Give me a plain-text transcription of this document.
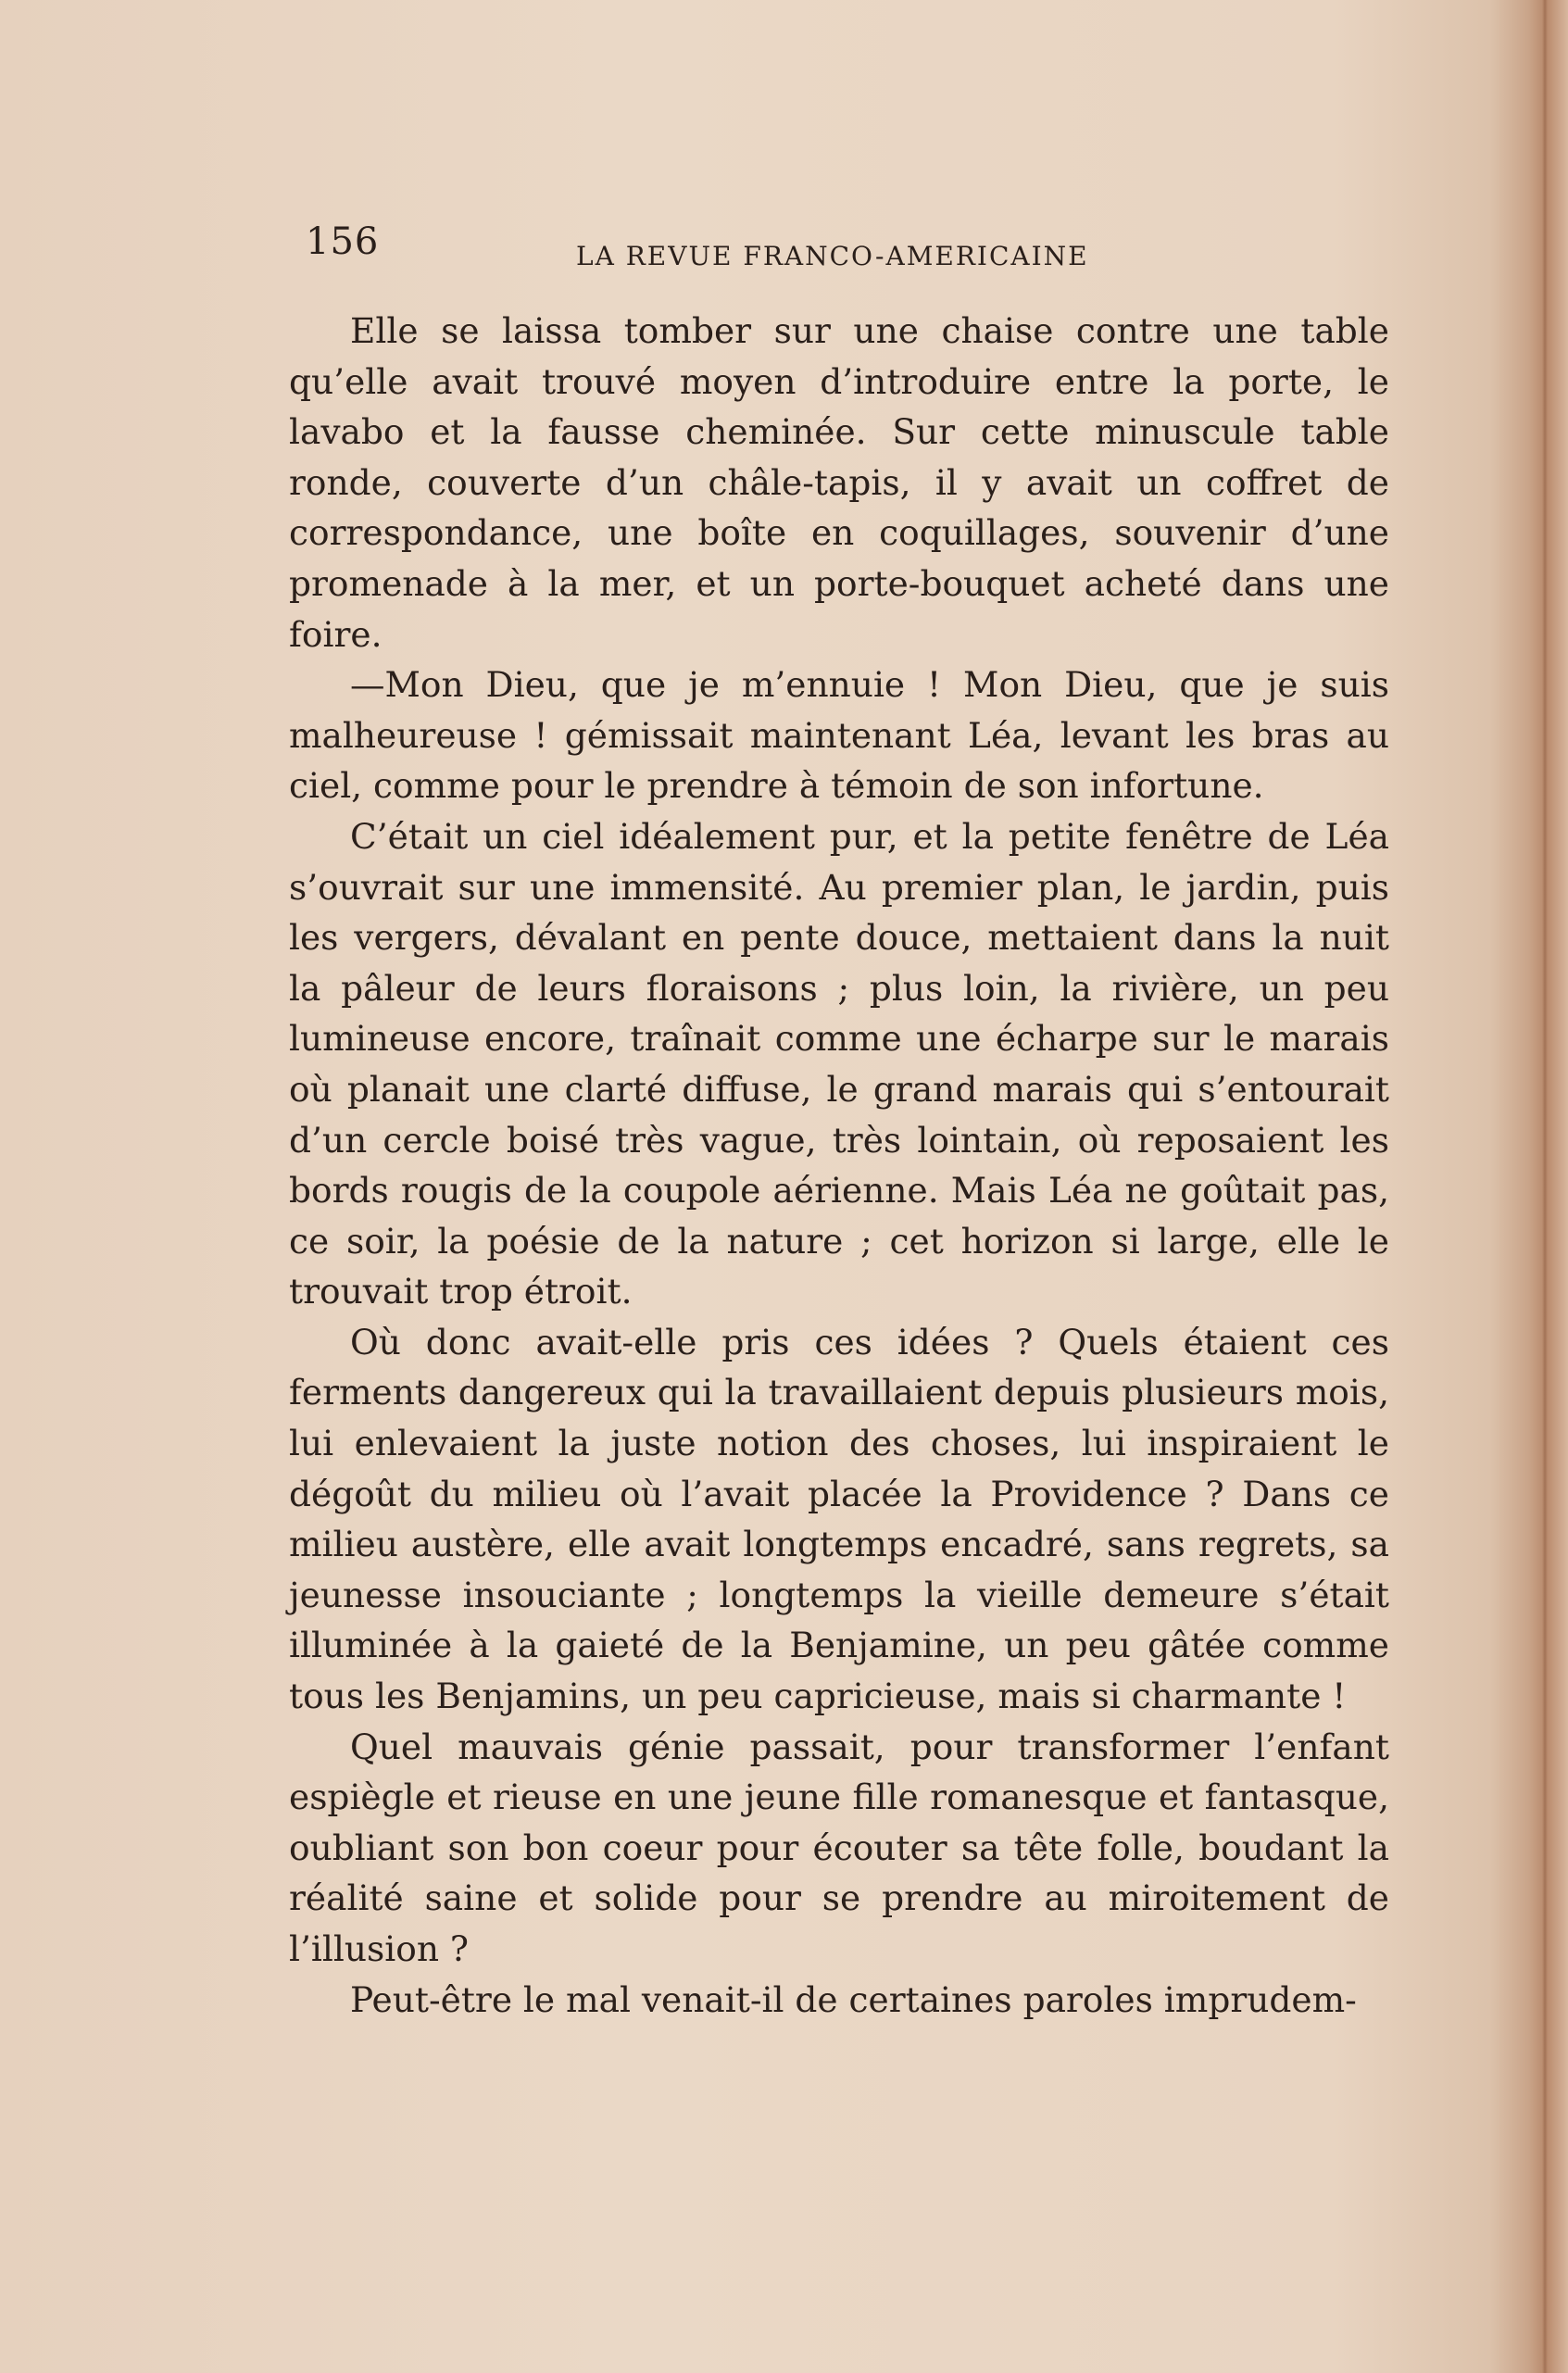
156	LA REVUE FRANCO-AMERICAINE

Elle se laissa tomber sur une chaise contre une table qu’elle avait trouvé moyen d’introduire entre la porte, le lavabo et la fausse cheminée. Sur cette minuscule table ronde, couverte d’un châle-tapis, il y avait un coffret de correspondance, une boîte en coquillages, souvenir d’une promenade à la mer, et un porte-bouquet acheté dans une foire.

—Mon Dieu, que je m’ennuie ! Mon Dieu, que je suis malheureuse ! gémissait maintenant Léa, levant les bras au ciel, comme pour le prendre à témoin de son infortune.

C’était un ciel idéalement pur, et la petite fenêtre de Léa s’ouvrait sur une immensité. Au premier plan, le jardin, puis les vergers, dévalant en pente douce, mettaient dans la nuit la pâleur de leurs floraisons ; plus loin, la rivière, un peu lumineuse encore, traînait comme une écharpe sur le marais où planait une clarté diffuse, le grand marais qui s’entourait d’un cercle boisé très vague, très lointain, où reposaient les bords rougis de la coupole aérienne. Mais Léa ne goûtait pas, ce soir, la poésie de la nature ; cet horizon si large, elle le trouvait trop étroit.

Où donc avait-elle pris ces idées ? Quels étaient ces ferments dangereux qui la travaillaient depuis plusieurs mois, lui enlevaient la juste notion des choses, lui inspiraient le dégoût du milieu où l’avait placée la Providence ? Dans ce milieu austère, elle avait longtemps encadré, sans regrets, sa jeunesse insouciante ; longtemps la vieille demeure s’était illuminée à la gaieté de la Benjamine, un peu gâtée comme tous les Benjamins, un peu capricieuse, mais si charmante !

Quel mauvais génie passait, pour transformer l’enfant espiègle et rieuse en une jeune fille romanesque et fantasque, oubliant son bon coeur pour écouter sa tête folle, boudant la réalité saine et solide pour se prendre au miroitement de l’illusion ?

Peut-être le mal venait-il de certaines paroles imprudem-
